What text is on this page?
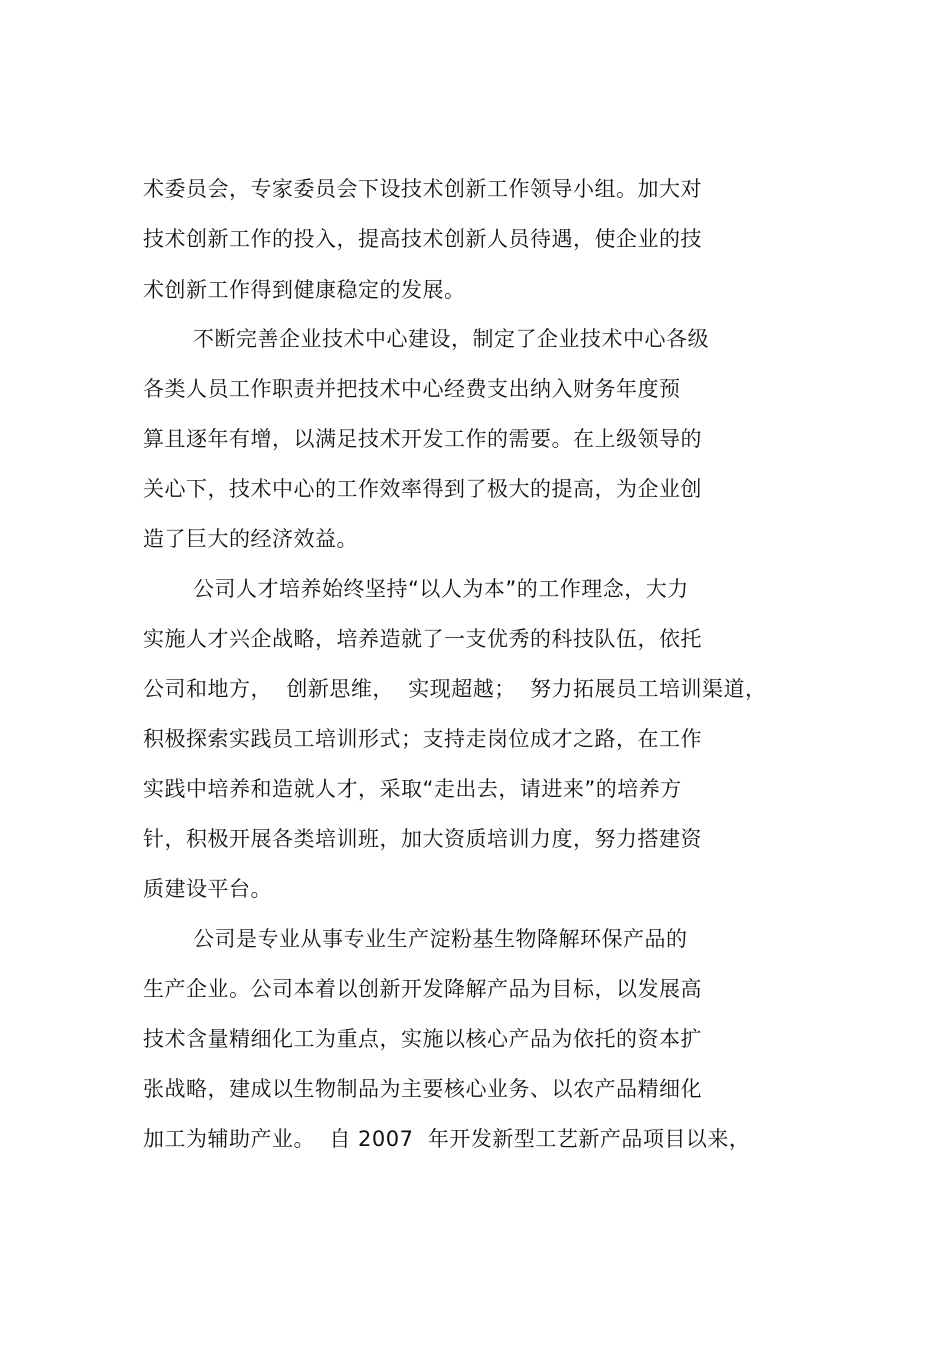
术委员会，专家委员会下设技术创新工作领导小组。加大对

技术创新工作的投入，提高技术创新人员待遇，使企业的技

术创新工作得到健康稳定的发展。

不断完善企业技术中心建设，制定了企业技术中心各级

各类人员工作职责并把技术中心经费支出纳入财务年度预

算且逐年有增，以满足技术开发工作的需要。在上级领导的

关心下，技术中心的工作效率得到了极大的提高，为企业创

造了巨大的经济效益。

公司人才培养始终坚持“以人为本”的工作理念，大力

实施人才兴企战略，培养造就了一支优秀的科技队伍，依托

公司和地方，  创新思维，  实现超越；  努力拓展员工培训渠道，

积极探索实践员工培训形式；支持走岗位成才之路，在工作

实践中培养和造就人才，采取“走出去，请进来”的培养方

针，积极开展各类培训班，加大资质培训力度，努力搭建资

质建设平台。

公司是专业从事专业生产淀粉基生物降解环保产品的

生产企业。公司本着以创新开发降解产品为目标，以发展高

技术含量精细化工为重点，实施以核心产品为依托的资本扩

张战略，建成以生物制品为主要核心业务、以农产品精细化

加工为辅助产业。  自 2007  年开发新型工艺新产品项目以来，
